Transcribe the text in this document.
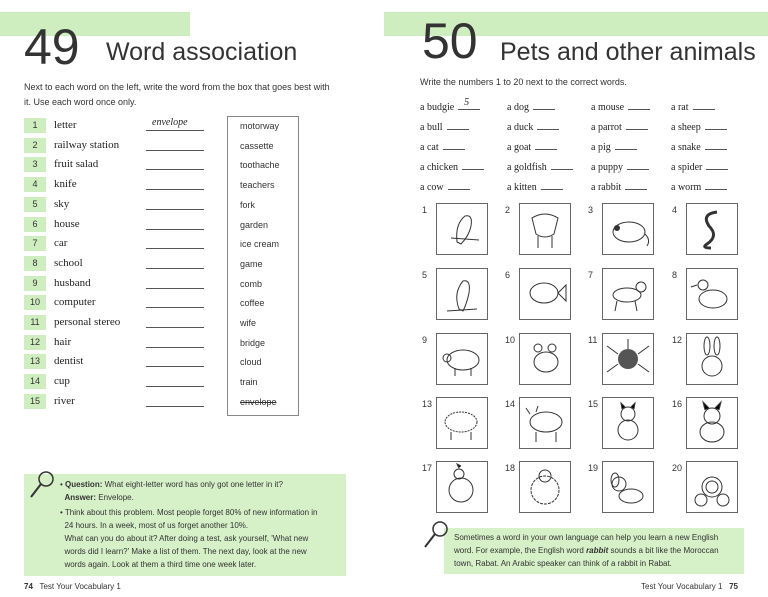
49 Word association
Next to each word on the left, write the word from the box that goes best with it. Use each word once only.
1	letter	envelope
2	railway station
3	fruit salad
4	knife
5	sky
6	house
7	car
8	school
9	husband
10	computer
11	personal stereo
12	hair
13	dentist
14	cup
15	river
motorway
cassette
toothache
teachers
fork
garden
ice cream
game
comb
coffee
wife
bridge
cloud
train
envelope
• Question: What eight-letter word has only got one letter in it?
Answer: Envelope.
• Think about this problem. Most people forget 80% of new information in
24 hours. In a week, most of us forget another 10%.
What can you do about it? After doing a test, ask yourself, 'What new
words did I learn?' Make a list of them. The next day, look at the new
words again. Look at them a third time one week later.
74 Test Your Vocabulary 1
50 Pets and other animals
Write the numbers 1 to 20 next to the correct words.
a budgie 5	a dog	a mouse	a rat
a bull	a duck	a parrot	a sheep
a cat	a goat	a pig	a snake
a chicken	a goldfish	a puppy	a spider
a cow	a kitten	a rabbit	a worm
1	2	3	4
5	6	7	8
9	10	11	12
13	14	15	16
17	18	19	20
Sometimes a word in your own language can help you learn a new English
word. For example, the English word rabbit sounds a bit like the Moroccan
town, Rabat. An Arabic speaker can think of a rabbit in Rabat.
Test Your Vocabulary 1 75
